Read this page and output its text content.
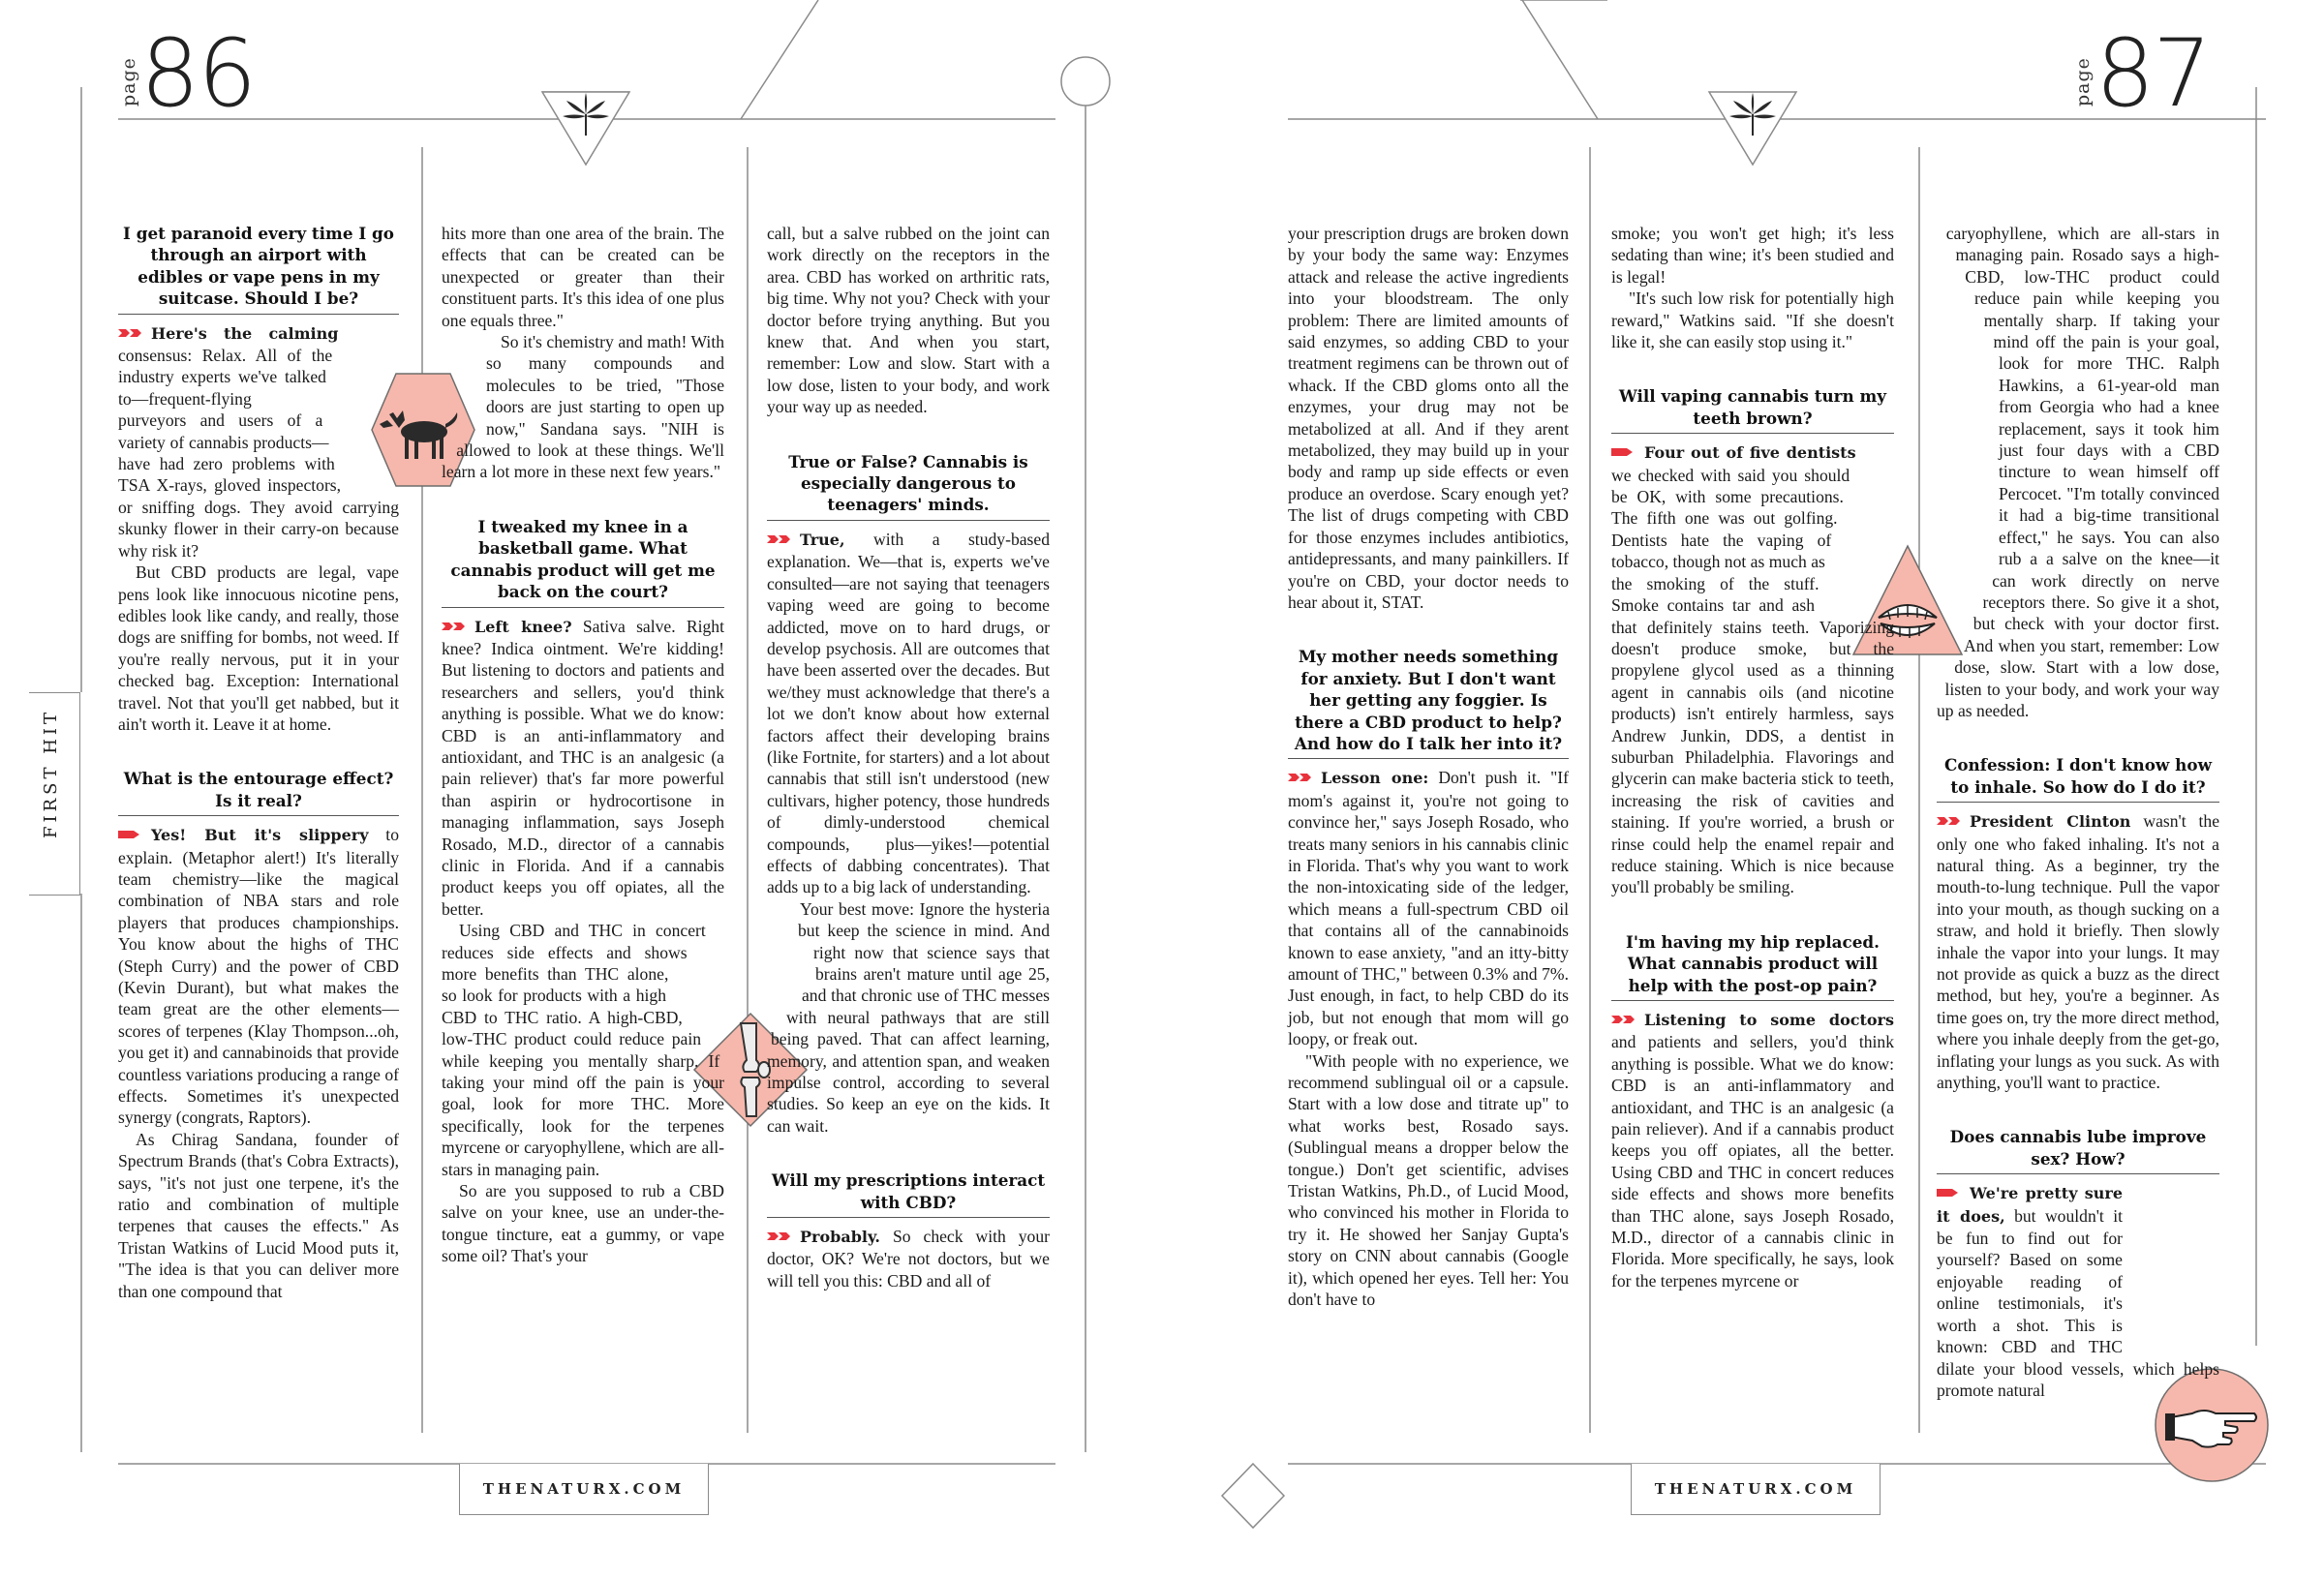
page 86	page 87
FIRST HIT
THENATURX.COM	THENATURX.COM

I get paranoid every time I go through an airport with edibles or vape pens in my suitcase. Should I be?

Here's the calming consensus: Relax. All of the industry experts we've talked to—frequent-flying purveyors and users of a variety of cannabis products—have had zero problems with TSA X-rays, gloved inspectors, or sniffing dogs. They avoid carrying skunky flower in their carry-on because why risk it?

But CBD products are legal, vape pens look like innocuous nicotine pens, edibles look like candy, and really, those dogs are sniffing for bombs, not weed. If you're really nervous, put it in your checked bag. Exception: International travel. Not that you'll get nabbed, but it ain't worth it. Leave it at home.

What is the entourage effect? Is it real?

Yes! But it's slippery to explain. (Metaphor alert!) It's literally team chemistry—like the magical combination of NBA stars and role players that produces championships. You know about the highs of THC (Steph Curry) and the power of CBD (Kevin Durant), but what makes the team great are the other elements—scores of terpenes (Klay Thompson...oh, you get it) and cannabinoids that provide countless variations producing a range of effects. Sometimes it's unexpected synergy (congrats, Raptors).

As Chirag Sandana, founder of Spectrum Brands (that's Cobra Extracts), says, "it's not just one terpene, it's the ratio and combination of multiple terpenes that causes the effects." As Tristan Watkins of Lucid Mood puts it, "The idea is that you can deliver more than one compound that

hits more than one area of the brain. The effects that can be created can be unexpected or greater than their constituent parts. It's this idea of one plus one equals three."

So it's chemistry and math! With so many compounds and molecules to be tried, "Those doors are just starting to open up now," Sandana says. "NIH is allowed to look at these things. We'll learn a lot more in these next few years."

I tweaked my knee in a basketball game. What cannabis product will get me back on the court?

Left knee? Sativa salve. Right knee? Indica ointment. We're kidding! But listening to doctors and patients and researchers and sellers, you'd think anything is possible. What we do know: CBD is an anti-inflammatory and antioxidant, and THC is an analgesic (a pain reliever) that's far more powerful than aspirin or hydrocortisone in managing inflammation, says Joseph Rosado, M.D., director of a cannabis clinic in Florida. And if a cannabis product keeps you off opiates, all the better.

Using CBD and THC in concert reduces side effects and shows more benefits than THC alone, so look for products with a high CBD to THC ratio. A high-CBD, low-THC product could reduce pain while keeping you mentally sharp. If taking your mind off the pain is your goal, look for more THC. More specifically, look for the terpenes myrcene or caryophyllene, which are all-stars in managing pain.

So are you supposed to rub a CBD salve on your knee, use an under-the-tongue tincture, eat a gummy, or vape some oil? That's your

call, but a salve rubbed on the joint can work directly on the receptors in the area. CBD has worked on arthritic rats, big time. Why not you? Check with your doctor before trying anything. But you knew that. And when you start, remember: Low and slow. Start with a low dose, listen to your body, and work your way up as needed.

True or False? Cannabis is especially dangerous to teenagers' minds.

True, with a study-based explanation. We—that is, experts we've consulted—are not saying that teenagers vaping weed are going to become addicted, move on to hard drugs, or develop psychosis. All are outcomes that have been asserted over the decades. But we/they must acknowledge that there's a lot we don't know about how external factors affect their developing brains (like Fortnite, for starters) and a lot about cannabis that still isn't understood (new cultivars, higher potency, those hundreds of dimly-understood chemical compounds, plus—yikes!—potential effects of dabbing concentrates). That adds up to a big lack of understanding.

Your best move: Ignore the hysteria but keep the science in mind. And right now that science says that brains aren't mature until age 25, and that chronic use of THC messes with neural pathways that are still being paved. That can affect learning, memory, and attention span, and weaken impulse control, according to several studies. So keep an eye on the kids. It can wait.

Will my prescriptions interact with CBD?

Probably. So check with your doctor, OK? We're not doctors, but we will tell you this: CBD and all of

your prescription drugs are broken down by your body the same way: Enzymes attack and release the active ingredients into your bloodstream. The only problem: There are limited amounts of said enzymes, so adding CBD to your treatment regimens can be thrown out of whack. If the CBD gloms onto all the enzymes, your drug may not be metabolized at all. And if they arent metabolized, they may build up in your body and ramp up side effects or even produce an overdose. Scary enough yet? The list of drugs competing with CBD for those enzymes includes antibiotics, antidepressants, and many painkillers. If you're on CBD, your doctor needs to hear about it, STAT.

My mother needs something for anxiety. But I don't want her getting any foggier. Is there a CBD product to help? And how do I talk her into it?

Lesson one: Don't push it. "If mom's against it, you're not going to convince her," says Joseph Rosado, who treats many seniors in his cannabis clinic in Florida. That's why you want to work the non-intoxicating side of the ledger, which means a full-spectrum CBD oil that contains all of the cannabinoids known to ease anxiety, "and an itty-bitty amount of THC," between 0.3% and 7%. Just enough, in fact, to help CBD do its job, but not enough that mom will go loopy, or freak out.

"With people with no experience, we recommend sublingual oil or a capsule. Start with a low dose and titrate up" to what works best, Rosado says. (Sublingual means a dropper below the tongue.) Don't get scientific, advises Tristan Watkins, Ph.D., of Lucid Mood, who convinced his mother in Florida to try it. He showed her Sanjay Gupta's story on CNN about cannabis (Google it), which opened her eyes. Tell her: You don't have to

smoke; you won't get high; it's less sedating than wine; it's been studied and is legal!

"It's such low risk for potentially high reward," Watkins said. "If she doesn't like it, she can easily stop using it."

Will vaping cannabis turn my teeth brown?

Four out of five dentists we checked with said you should be OK, with some precautions. The fifth one was out golfing. Dentists hate the vaping of tobacco, though not as much as the smoking of the stuff. Smoke contains tar and ash that definitely stains teeth. Vaporizing doesn't produce smoke, but the propylene glycol used as a thinning agent in cannabis oils (and nicotine products) isn't entirely harmless, says Andrew Junkin, DDS, a dentist in suburban Philadelphia. Flavorings and glycerin can make bacteria stick to teeth, increasing the risk of cavities and staining. If you're worried, a brush or rinse could help the enamel repair and reduce staining. Which is nice because you'll probably be smiling.

I'm having my hip replaced. What cannabis product will help with the post-op pain?

Listening to some doctors and patients and sellers, you'd think anything is possible. What we do know: CBD is an anti-inflammatory and antioxidant, and THC is an analgesic (a pain reliever). And if a cannabis product keeps you off opiates, all the better. Using CBD and THC in concert reduces side effects and shows more benefits than THC alone, says Joseph Rosado, M.D., director of a cannabis clinic in Florida. More specifically, he says, look for the terpenes myrcene or

caryophyllene, which are all-stars in managing pain. Rosado says a high-CBD, low-THC product could reduce pain while keeping you mentally sharp. If taking your mind off the pain is your goal, look for more THC. Ralph Hawkins, a 61-year-old man from Georgia who had a knee replacement, says it took him just four days with a CBD tincture to wean himself off Percocet. "I'm totally convinced it had a big-time transitional effect," he says. You can also rub a a salve on the knee—it can work directly on nerve receptors there. So give it a shot, but check with your doctor first. And when you start, remember: Low dose, slow. Start with a low dose, listen to your body, and work your way up as needed.

Confession: I don't know how to inhale. So how do I do it?

President Clinton wasn't the only one who faked inhaling. It's not a natural thing. As a beginner, try the mouth-to-lung technique. Pull the vapor into your mouth, as though sucking on a straw, and hold it briefly. Then slowly inhale the vapor into your lungs. It may not provide as quick a buzz as the direct method, but hey, you're a beginner. As time goes on, try the more direct method, where you inhale deeply from the get-go, inflating your lungs as you suck. As with anything, you'll want to practice.

Does cannabis lube improve sex? How?

We're pretty sure it does, but wouldn't it be fun to find out for yourself? Based on some enjoyable reading of online testimonials, it's worth a shot. This is known: CBD and THC dilate your blood vessels, which helps promote natural
